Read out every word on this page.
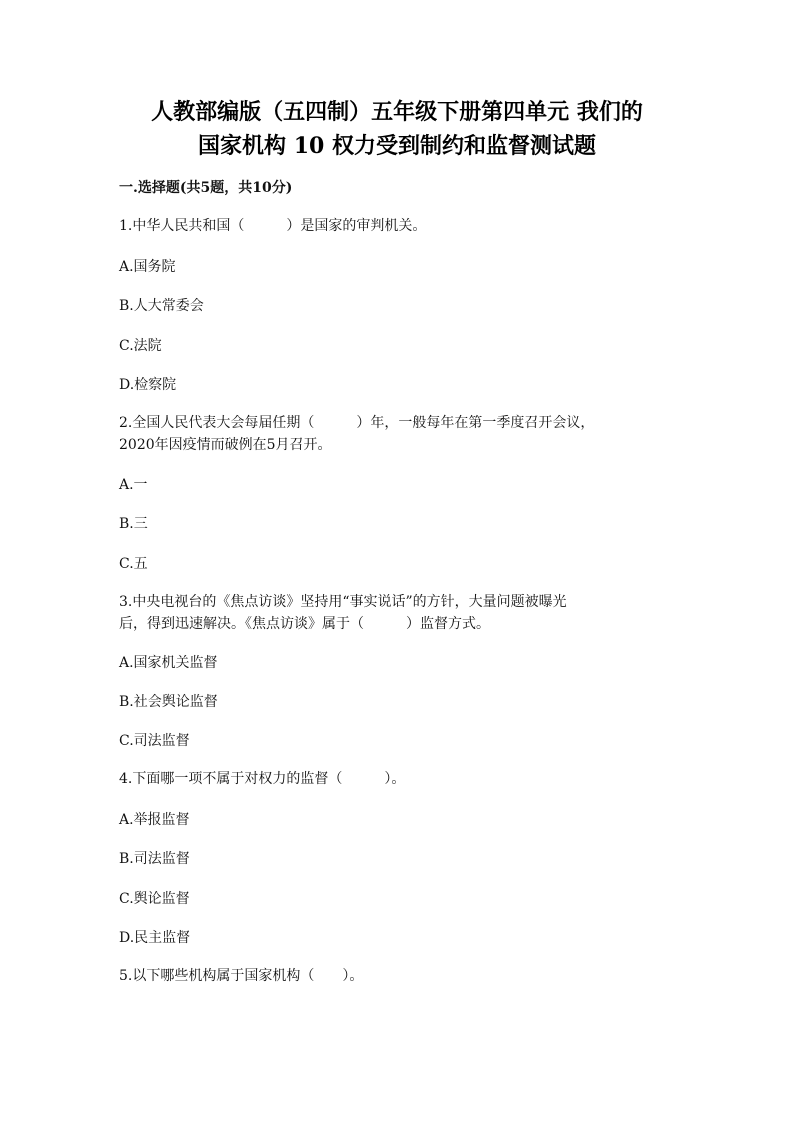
人教部编版（五四制）五年级下册第四单元 我们的
国家机构 10 权力受到制约和监督测试题
一.选择题(共5题，共10分)
1.中华人民共和国（　　　）是国家的审判机关。
A.国务院
B.人大常委会
C.法院
D.检察院
2.全国人民代表大会每届任期（　　　）年，一般每年在第一季度召开会议，
2020年因疫情而破例在5月召开。
A.一
B.三
C.五
3.中央电视台的《焦点访谈》坚持用“事实说话”的方针，大量问题被曝光
后，得到迅速解决。《焦点访谈》属于（　　　）监督方式。
A.国家机关监督
B.社会舆论监督
C.司法监督
4.下面哪一项不属于对权力的监督（　　　）。
A.举报监督
B.司法监督
C.舆论监督
D.民主监督
5.以下哪些机构属于国家机构（　　）。
